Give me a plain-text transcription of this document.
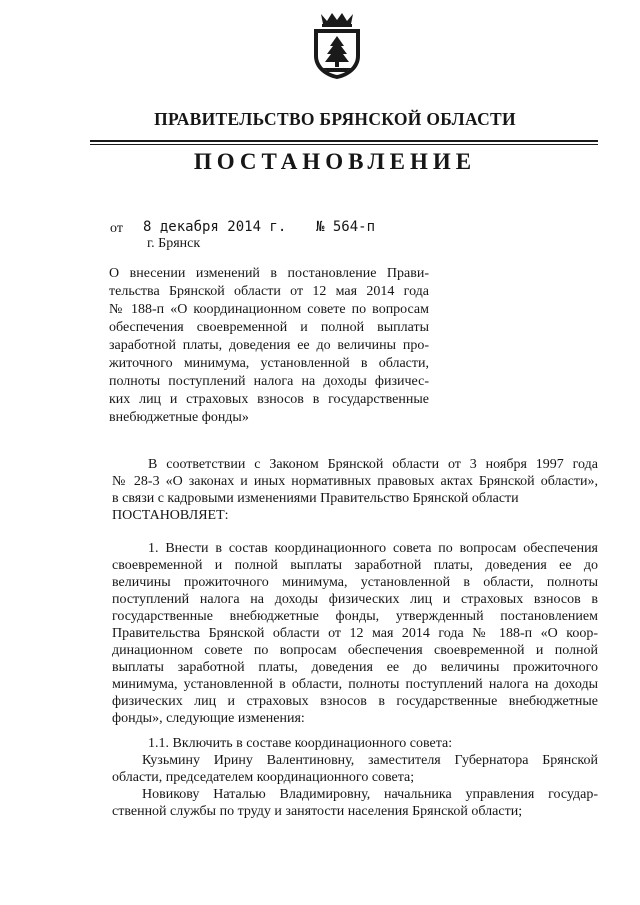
ПРАВИТЕЛЬСТВО БРЯНСКОЙ ОБЛАСТИ

ПОСТАНОВЛЕНИЕ

от 8 декабря 2014 г. № 564-п
г. Брянск

О внесении изменений в постановление Прави-
тельства Брянской области от 12 мая 2014 года
№ 188-п «О координационном совете по вопросам
обеспечения своевременной и полной выплаты
заработной платы, доведения ее до величины про-
житочного минимума, установленной в области,
полноты поступлений налога на доходы физичес-
ких лиц и страховых взносов в государственные
внебюджетные фонды»

В соответствии с Законом Брянской области от 3 ноября 1997 года
№ 28-3 «О законах и иных нормативных правовых актах Брянской области»,
в связи с кадровыми изменениями Правительство Брянской области
ПОСТАНОВЛЯЕТ:

1. Внести в состав координационного совета по вопросам обеспечения
своевременной и полной выплаты заработной платы, доведения ее до
величины прожиточного минимума, установленной в области, полноты
поступлений налога на доходы физических лиц и страховых взносов в
государственные внебюджетные фонды, утвержденный постановлением
Правительства Брянской области от 12 мая 2014 года № 188-п «О коор-
динационном совете по вопросам обеспечения своевременной и полной
выплаты заработной платы, доведения ее до величины прожиточного
минимума, установленной в области, полноты поступлений налога на доходы
физических лиц и страховых взносов в государственные внебюджетные
фонды», следующие изменения:

1.1. Включить в составе координационного совета:

Кузьмину Ирину Валентиновну, заместителя Губернатора Брянской
области, председателем координационного совета;

Новикову Наталью Владимировну, начальника управления государ-
ственной службы по труду и занятости населения Брянской области;
